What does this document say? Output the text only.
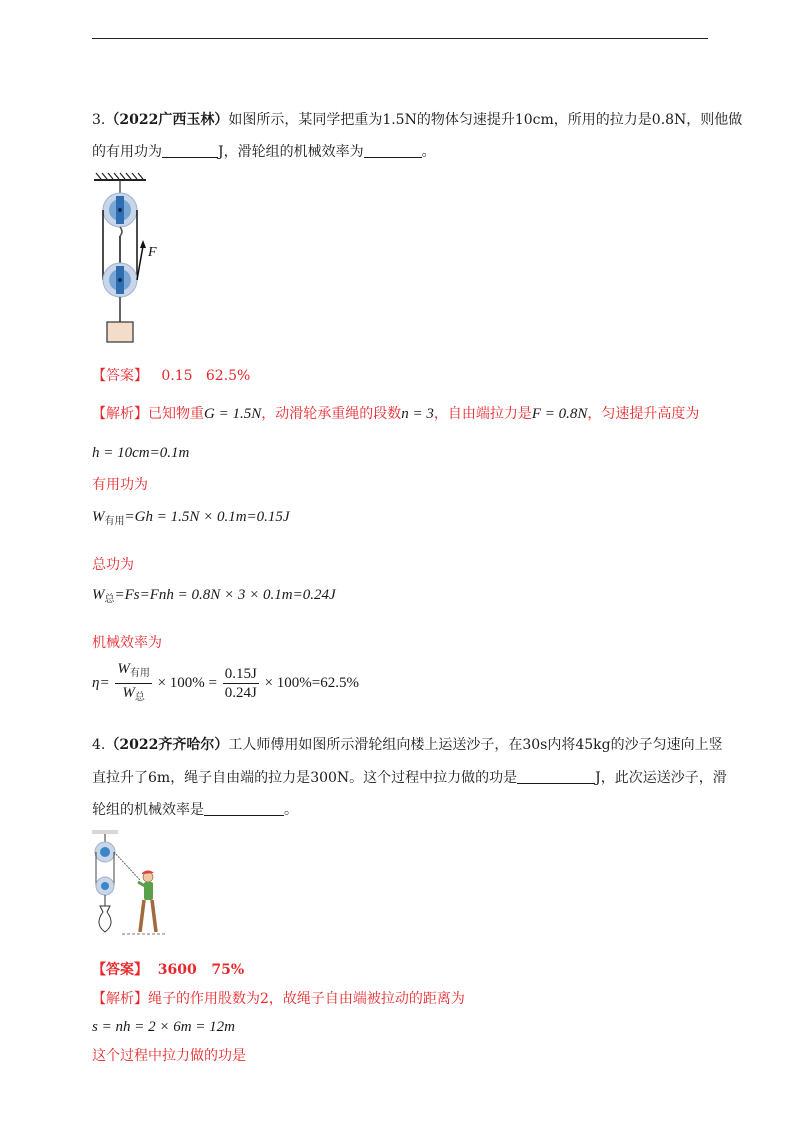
3.（2022广西玉林）如图所示，某同学把重为1.5N的物体匀速提升10cm，所用的拉力是0.8N，则他做
的有用功为	J，滑轮组的机械效率为	。
F
【答案】 0.15   62.5%
【解析】已知物重G = 1.5N，动滑轮承重绳的段数n = 3，自由端拉力是F = 0.8N，匀速提升高度为
h = 10cm=0.1m
有用功为
$W_{有用}=Gh = 1.5N \times 0.1m=0.15J$
总功为
$W_总=Fs=Fnh = 0.8N \times 3 \times 0.1m=0.24J$
机械效率为
$\eta= \frac{W_{有用}}{W_总} \times 100\% = \frac{0.15J}{0.24J} \times 100\%=62.5\%$
4.（2022齐齐哈尔）工人师傅用如图所示滑轮组向楼上运送沙子，在30s内将45kg的沙子匀速向上竖
直拉升了6m，绳子自由端的拉力是300N。这个过程中拉力做的功是	J，此次运送沙子，滑
轮组的机械效率是	。
【答案】 3600   75%
【解析】绳子的作用股数为2，故绳子自由端被拉动的距离为
s = nh = 2 × 6m = 12m
这个过程中拉力做的功是
